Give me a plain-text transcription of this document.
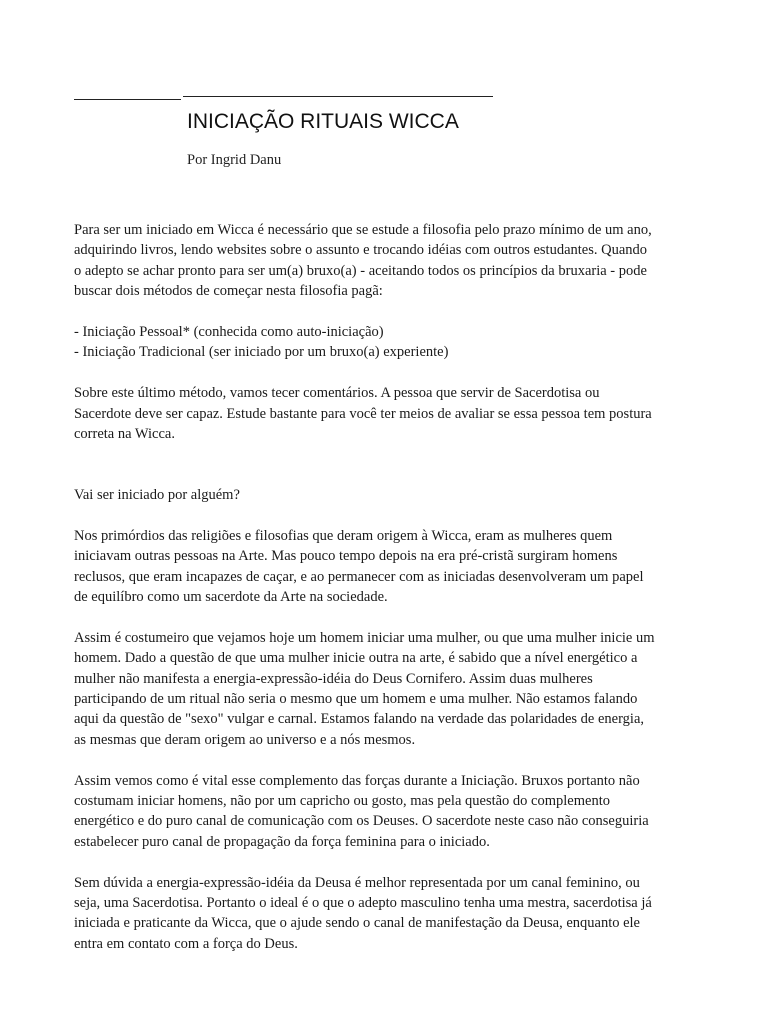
INICIAÇÃO RITUAIS WICCA
Por Ingrid Danu
Para ser um iniciado em Wicca é necessário que se estude a filosofia pelo prazo mínimo de um ano,
adquirindo livros, lendo websites sobre o assunto e trocando idéias com outros estudantes. Quando
o adepto se achar pronto para ser um(a) bruxo(a) - aceitando todos os princípios da bruxaria - pode
buscar dois métodos de começar nesta filosofia pagã:
- Iniciação Pessoal* (conhecida como auto-iniciação)
- Iniciação Tradicional (ser iniciado por um bruxo(a) experiente)
Sobre este último método, vamos tecer comentários. A pessoa que servir de Sacerdotisa ou
Sacerdote deve ser capaz. Estude bastante para você ter meios de avaliar se essa pessoa tem postura
correta na Wicca.
Vai ser iniciado por alguém?
Nos primórdios das religiões e filosofias que deram origem à Wicca, eram as mulheres quem
iniciavam outras pessoas na Arte. Mas pouco tempo depois na era pré-cristã surgiram homens
reclusos, que eram incapazes de caçar, e ao permanecer com as iniciadas desenvolveram um papel
de equilíbro como um sacerdote da Arte na sociedade.
Assim é costumeiro que vejamos hoje um homem iniciar uma mulher, ou que uma mulher inicie um
homem. Dado a questão de que uma mulher inicie outra na arte, é sabido que a nível energético a
mulher não manifesta a energia-expressão-idéia do Deus Cornifero. Assim duas mulheres
participando de um ritual não seria o mesmo que um homem e uma mulher. Não estamos falando
aqui da questão de "sexo" vulgar e carnal. Estamos falando na verdade das polaridades de energia,
as mesmas que deram origem ao universo e a nós mesmos.
Assim vemos como é vital esse complemento das forças durante a Iniciação. Bruxos portanto não
costumam iniciar homens, não por um capricho ou gosto, mas pela questão do complemento
energético e do puro canal de comunicação com os Deuses. O sacerdote neste caso não conseguiria
estabelecer puro canal de propagação da força feminina para o iniciado.
Sem dúvida a energia-expressão-idéia da Deusa é melhor representada por um canal feminino, ou
seja, uma Sacerdotisa. Portanto o ideal é o que o adepto masculino tenha uma mestra, sacerdotisa já
iniciada e praticante da Wicca, que o ajude sendo o canal de manifestação da Deusa, enquanto ele
entra em contato com a força do Deus.
